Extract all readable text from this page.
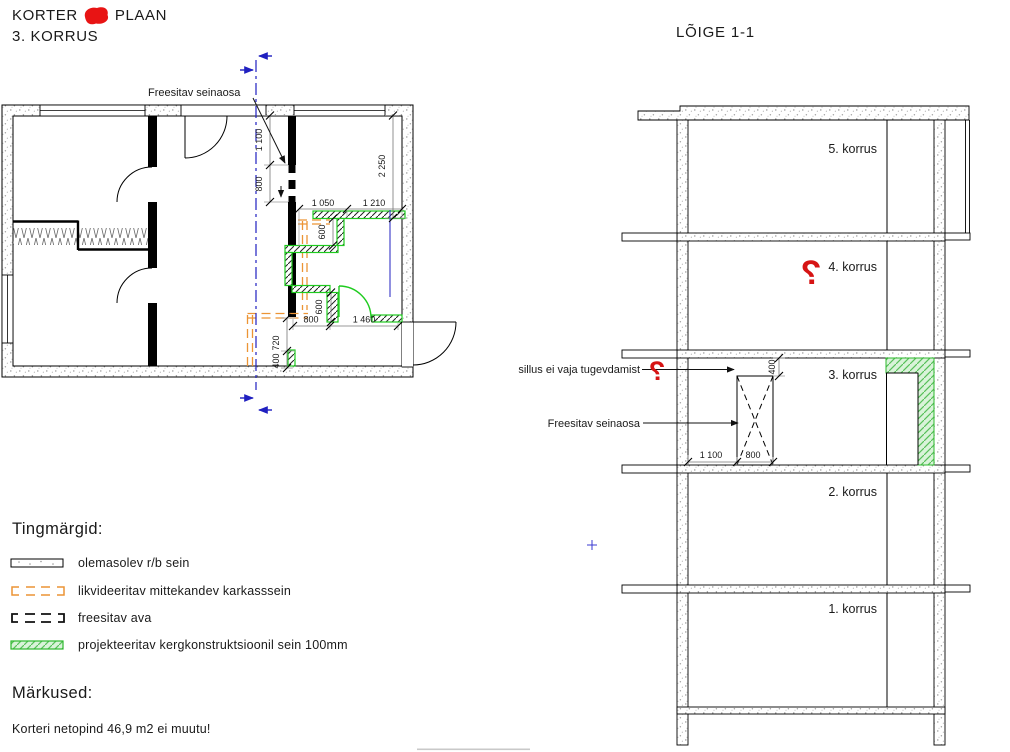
KORTER PLAAN
3. KORRUS	LÕIGE 1-1
1 100
800
2 250
1 050	1 210
600
600
800	1 460
720
400
Freesitav seinaosa
400
1 100	800
5. korrus
4. korrus
3. korrus
2. korrus
1. korrus
sillus ei vaja tugevdamist
Freesitav seinaosa
?
?
Tingmärgid:
olemasolev r/b sein
likvideeritav mittekandev karkasssein
freesitav ava
projekteeritav kergkonstruktsioonil sein 100mm
Märkused:
Korteri netopind 46,9 m2 ei muutu!
